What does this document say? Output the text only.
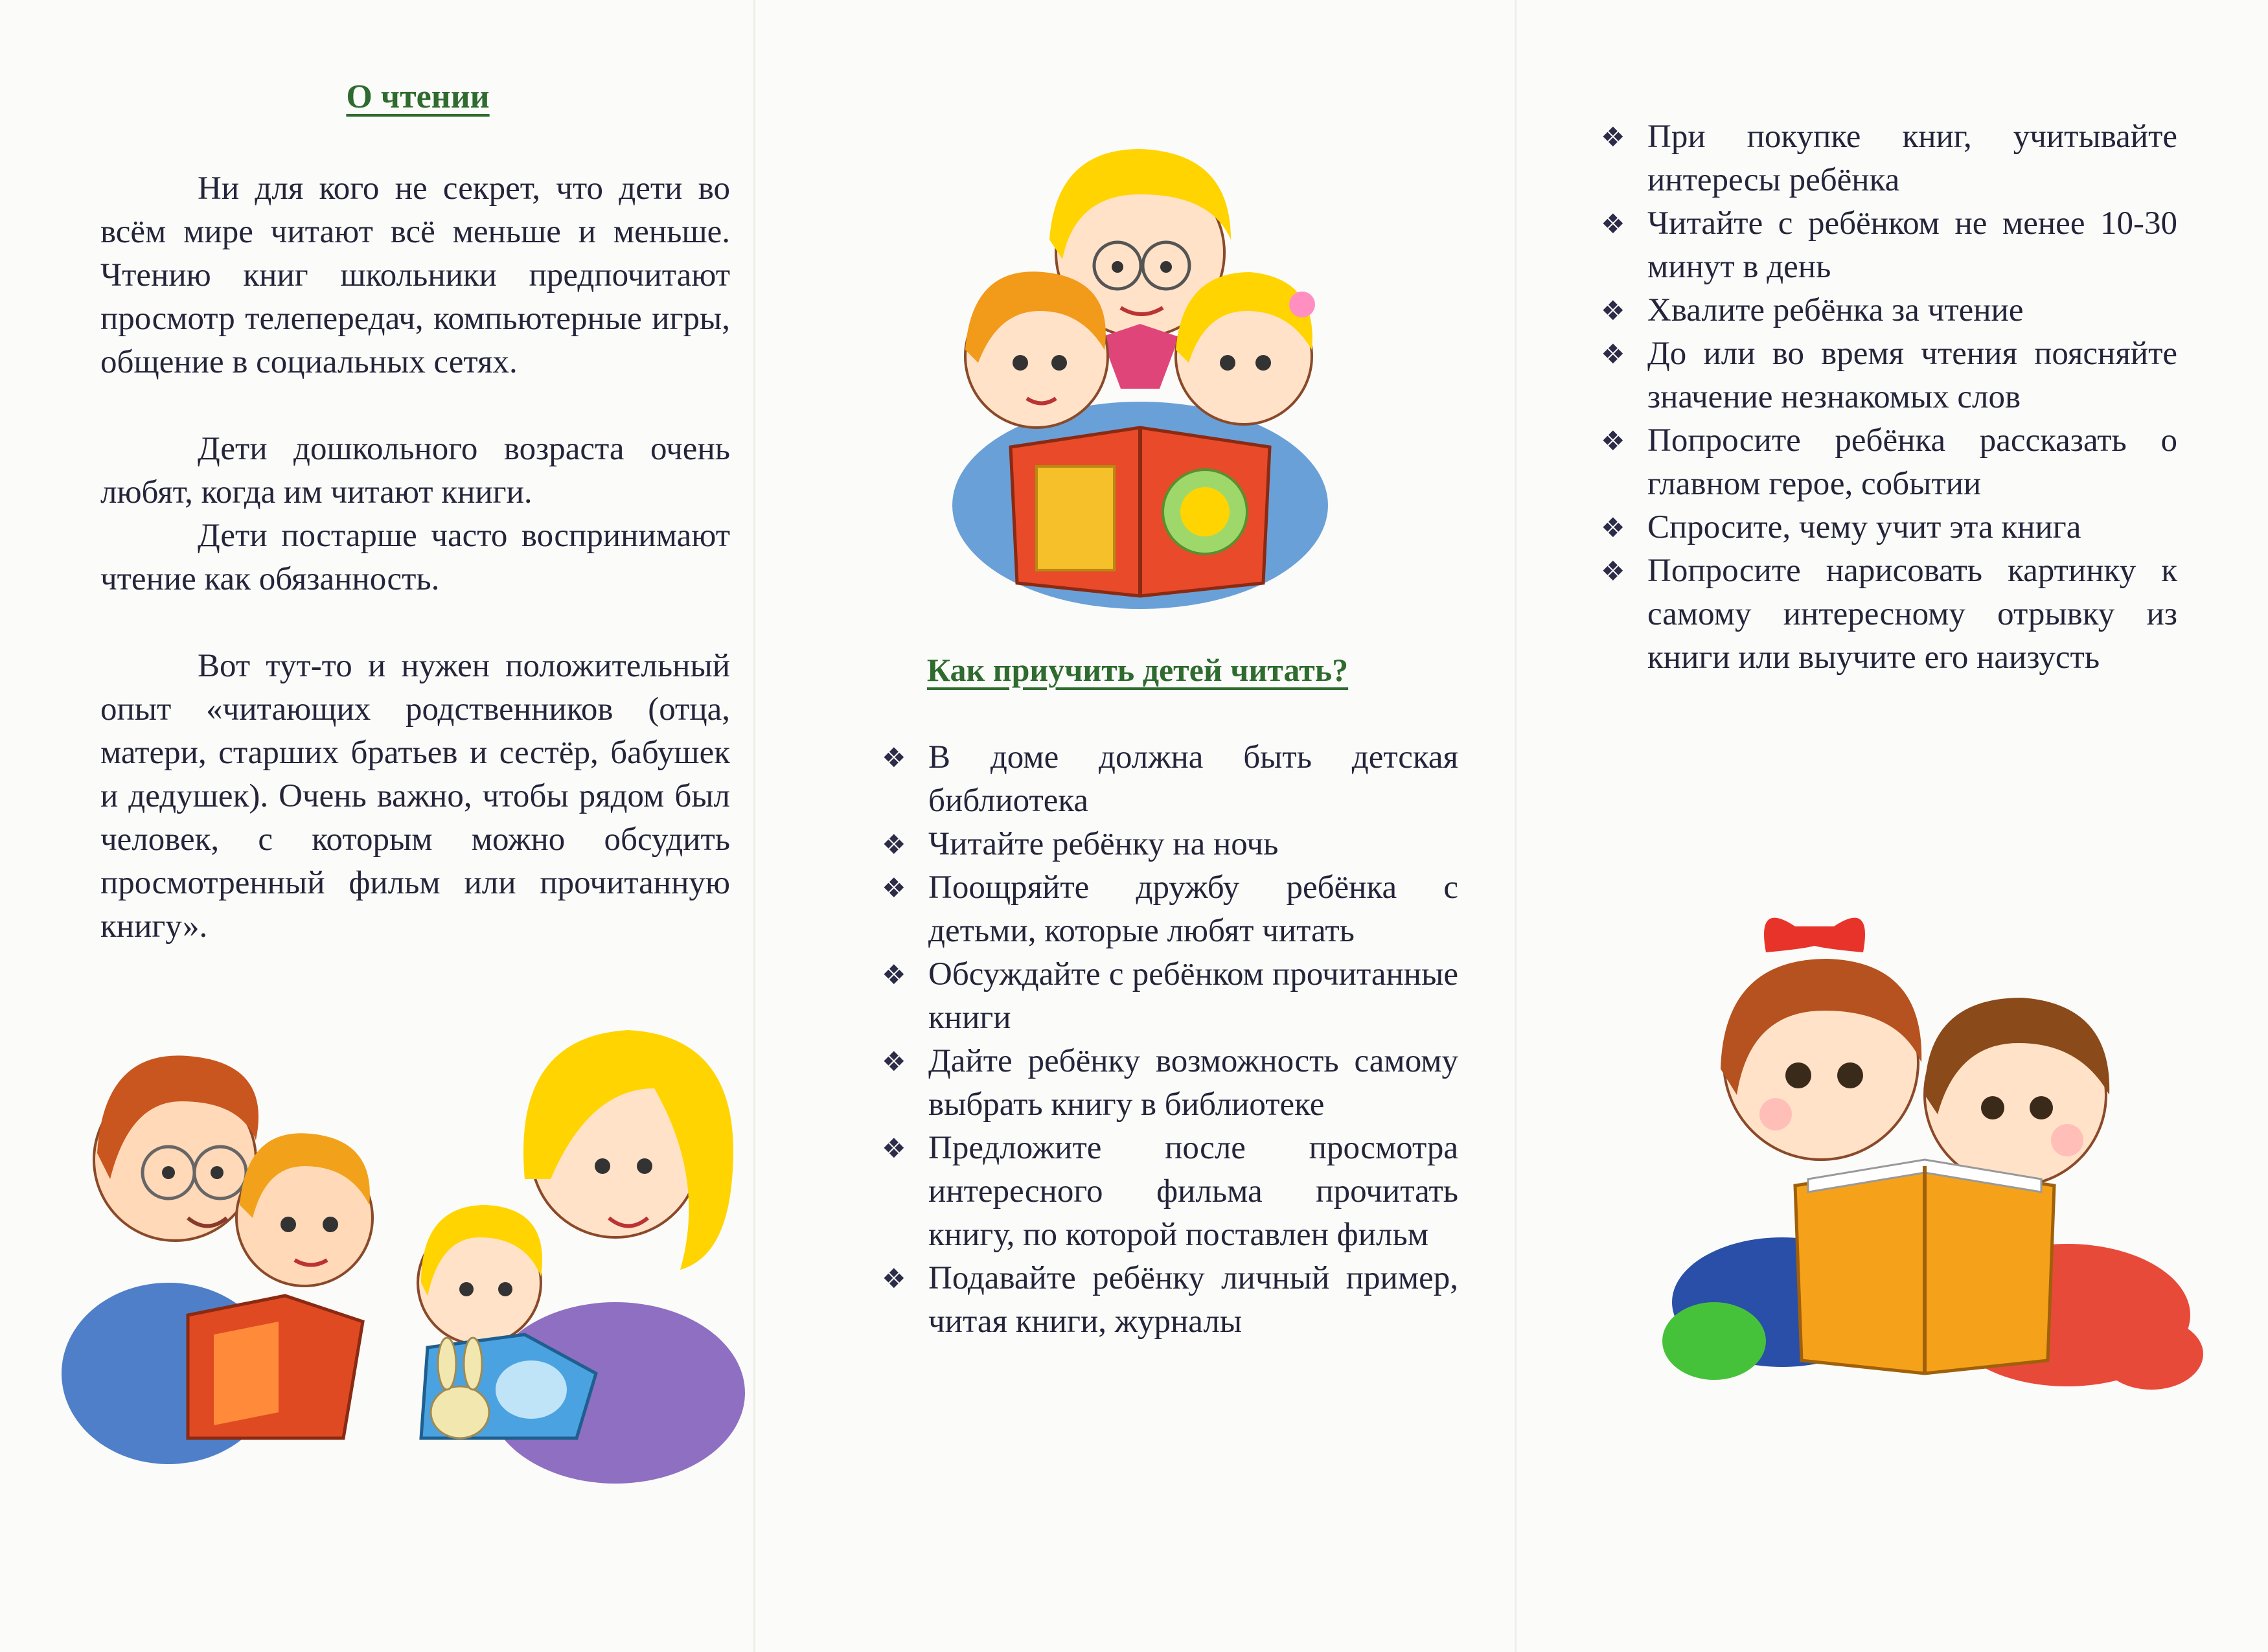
О чтении

Ни для кого не секрет, что дети во всём мире читают всё меньше и меньше. Чтению книг школьники предпочитают просмотр телепередач, компьютерные игры, общение в социальных сетях.

Дети дошкольного возраста очень любят, когда им читают книги.

Дети постарше часто воспринимают чтение как обязанность.

Вот тут-то и нужен положительный опыт «читающих родственников (отца, матери, старших братьев и сестёр, бабушек и дедушек). Очень важно, чтобы рядом был человек, с которым можно обсудить просмотренный фильм или прочитанную книгу».

Как приучить детей читать?
❖ В доме должна быть детская библиотека
❖ Читайте ребёнку на ночь
❖ Поощряйте дружбу ребёнка с детьми, которые любят читать
❖ Обсуждайте с ребёнком прочитанные книги
❖ Дайте ребёнку возможность самому выбрать книгу в библиотеке
❖ Предложите после просмотра интересного фильма прочитать книгу, по которой поставлен фильм
❖ Подавайте ребёнку личный пример, читая книги, журналы
❖ При покупке книг, учитывайте интересы ребёнка
❖ Читайте с ребёнком не менее 10-30 минут в день
❖ Хвалите ребёнка за чтение
❖ До или во время чтения поясняйте значение незнакомых слов
❖ Попросите ребёнка рассказать о главном герое, событии
❖ Спросите, чему учит эта книга
❖ Попросите нарисовать картинку к самому интересному отрывку из книги или выучите его наизусть
